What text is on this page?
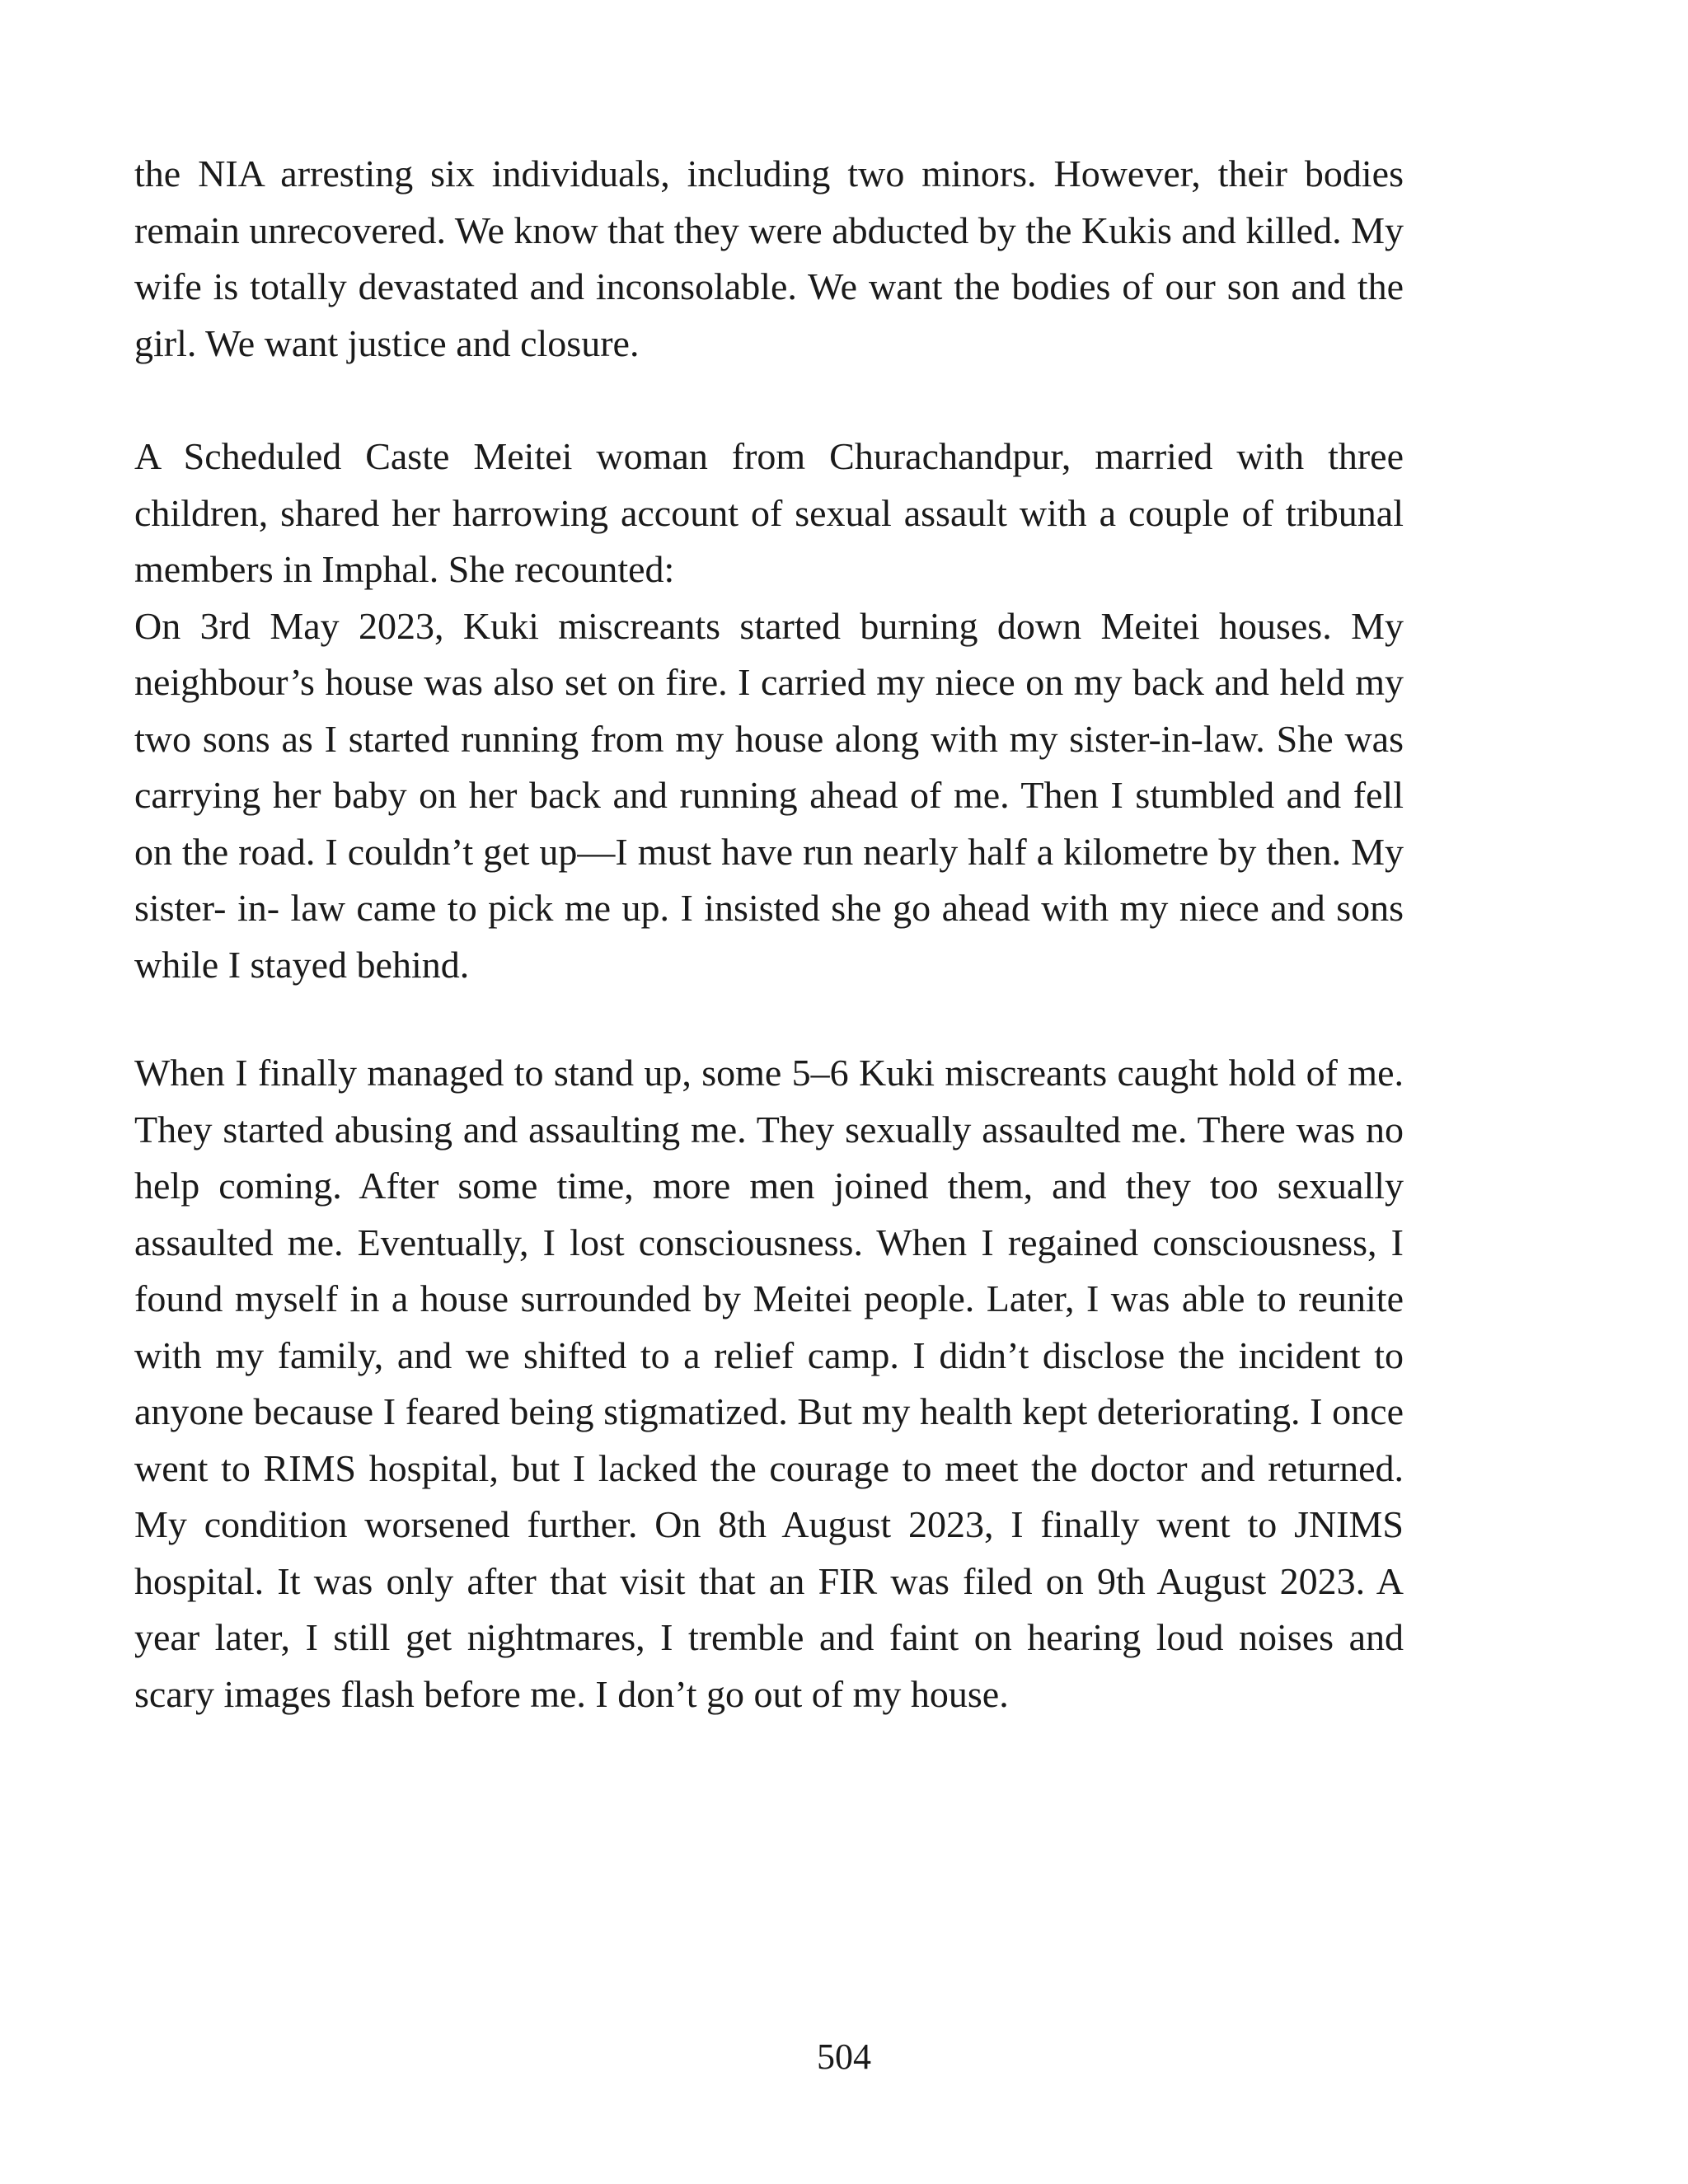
the NIA arresting six individuals, including two minors. However, their bodies remain unrecovered. We know that they were abducted by the Kukis and killed. My wife is totally devastated and inconsolable. We want the bodies of our son and the girl. We want justice and closure.

A Scheduled Caste Meitei woman from Churachandpur, married with three children, shared her harrowing account of sexual assault with a couple of tribunal members in Imphal. She recounted:

On 3rd May 2023, Kuki miscreants started burning down Meitei houses. My neighbour’s house was also set on fire. I carried my niece on my back and held my two sons as I started running from my house along with my sister-in-law. She was carrying her baby on her back and running ahead of me. Then I stumbled and fell on the road. I couldn’t get up—I must have run nearly half a kilometre by then. My sister- in- law came to pick me up. I insisted she go ahead with my niece and sons while I stayed behind.

When I finally managed to stand up, some 5–6 Kuki miscreants caught hold of me. They started abusing and assaulting me. They sexually assaulted me. There was no help coming. After some time, more men joined them, and they too sexually assaulted me. Eventually, I lost consciousness. When I regained consciousness, I found myself in a house surrounded by Meitei people. Later, I was able to reunite with my family, and we shifted to a relief camp. I didn’t disclose the incident to anyone because I feared being stigmatized. But my health kept deteriorating. I once went to RIMS hospital, but I lacked the courage to meet the doctor and returned. My condition worsened further. On 8th August 2023, I finally went to JNIMS hospital. It was only after that visit that an FIR was filed on 9th August 2023. A year later, I still get nightmares, I tremble and faint on hearing loud noises and scary images flash before me. I don’t go out of my house.

504
